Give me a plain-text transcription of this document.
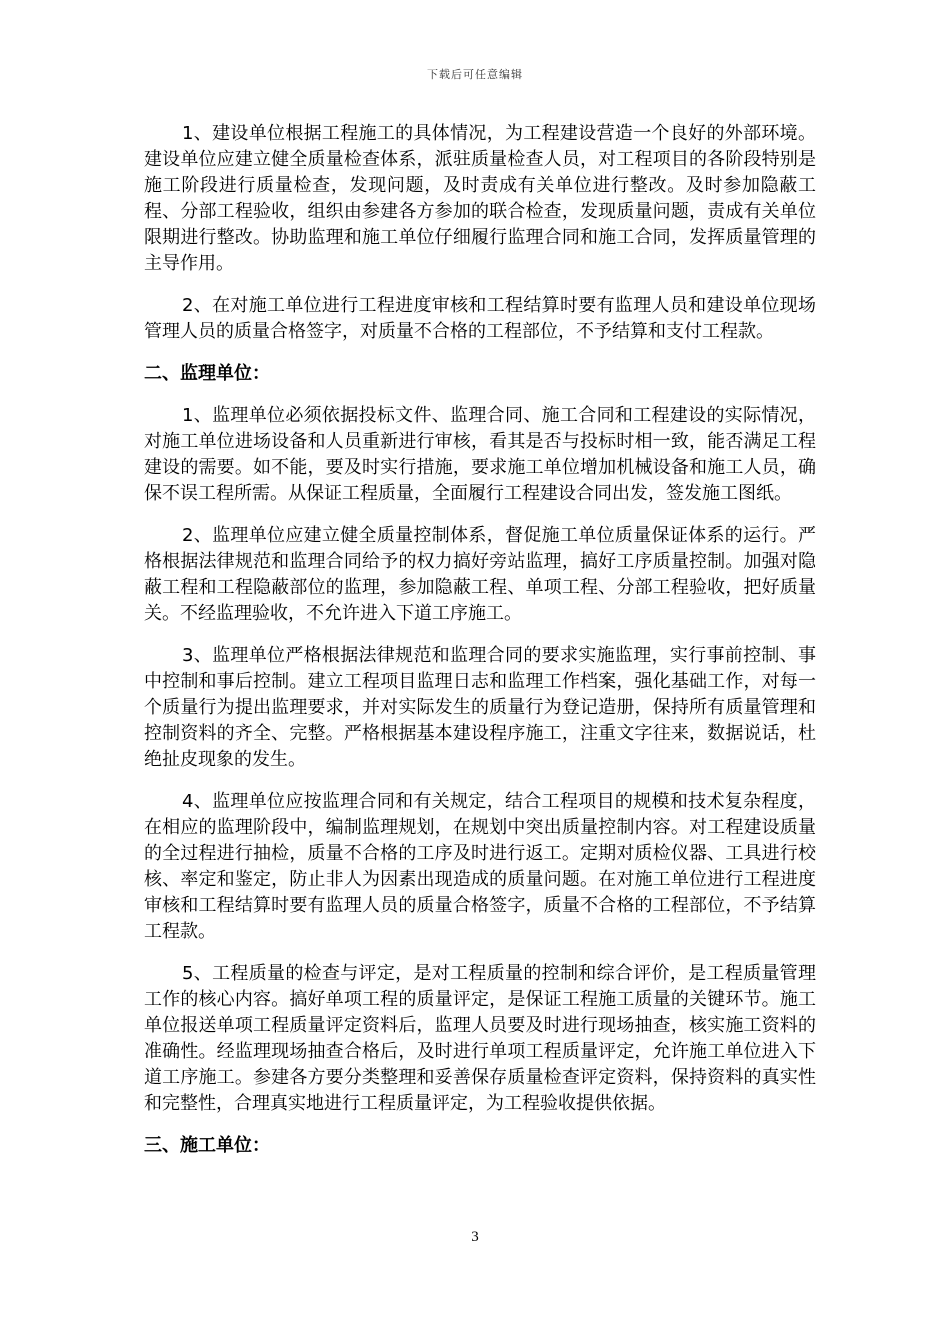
下载后可任意编辑

1、建设单位根据工程施工的具体情况，为工程建设营造一个良好的外部环境。建设单位应建立健全质量检查体系，派驻质量检查人员，对工程项目的各阶段特别是施工阶段进行质量检查，发现问题，及时责成有关单位进行整改。及时参加隐蔽工程、分部工程验收，组织由参建各方参加的联合检查，发现质量问题，责成有关单位限期进行整改。协助监理和施工单位仔细履行监理合同和施工合同，发挥质量管理的主导作用。

2、在对施工单位进行工程进度审核和工程结算时要有监理人员和建设单位现场管理人员的质量合格签字，对质量不合格的工程部位，不予结算和支付工程款。

二、监理单位：

1、监理单位必须依据投标文件、监理合同、施工合同和工程建设的实际情况，对施工单位进场设备和人员重新进行审核，看其是否与投标时相一致，能否满足工程建设的需要。如不能，要及时实行措施，要求施工单位增加机械设备和施工人员，确保不误工程所需。从保证工程质量，全面履行工程建设合同出发，签发施工图纸。

2、监理单位应建立健全质量控制体系，督促施工单位质量保证体系的运行。严格根据法律规范和监理合同给予的权力搞好旁站监理，搞好工序质量控制。加强对隐蔽工程和工程隐蔽部位的监理，参加隐蔽工程、单项工程、分部工程验收，把好质量关。不经监理验收，不允许进入下道工序施工。

3、监理单位严格根据法律规范和监理合同的要求实施监理，实行事前控制、事中控制和事后控制。建立工程项目监理日志和监理工作档案，强化基础工作，对每一个质量行为提出监理要求，并对实际发生的质量行为登记造册，保持所有质量管理和控制资料的齐全、完整。严格根据基本建设程序施工，注重文字往来，数据说话，杜绝扯皮现象的发生。

4、监理单位应按监理合同和有关规定，结合工程项目的规模和技术复杂程度，在相应的监理阶段中，编制监理规划，在规划中突出质量控制内容。对工程建设质量的全过程进行抽检，质量不合格的工序及时进行返工。定期对质检仪器、工具进行校核、率定和鉴定，防止非人为因素出现造成的质量问题。在对施工单位进行工程进度审核和工程结算时要有监理人员的质量合格签字，质量不合格的工程部位，不予结算工程款。

5、工程质量的检查与评定，是对工程质量的控制和综合评价，是工程质量管理工作的核心内容。搞好单项工程的质量评定，是保证工程施工质量的关键环节。施工单位报送单项工程质量评定资料后，监理人员要及时进行现场抽查，核实施工资料的准确性。经监理现场抽查合格后，及时进行单项工程质量评定，允许施工单位进入下道工序施工。参建各方要分类整理和妥善保存质量检查评定资料，保持资料的真实性和完整性，合理真实地进行工程质量评定，为工程验收提供依据。

三、施工单位：

3
